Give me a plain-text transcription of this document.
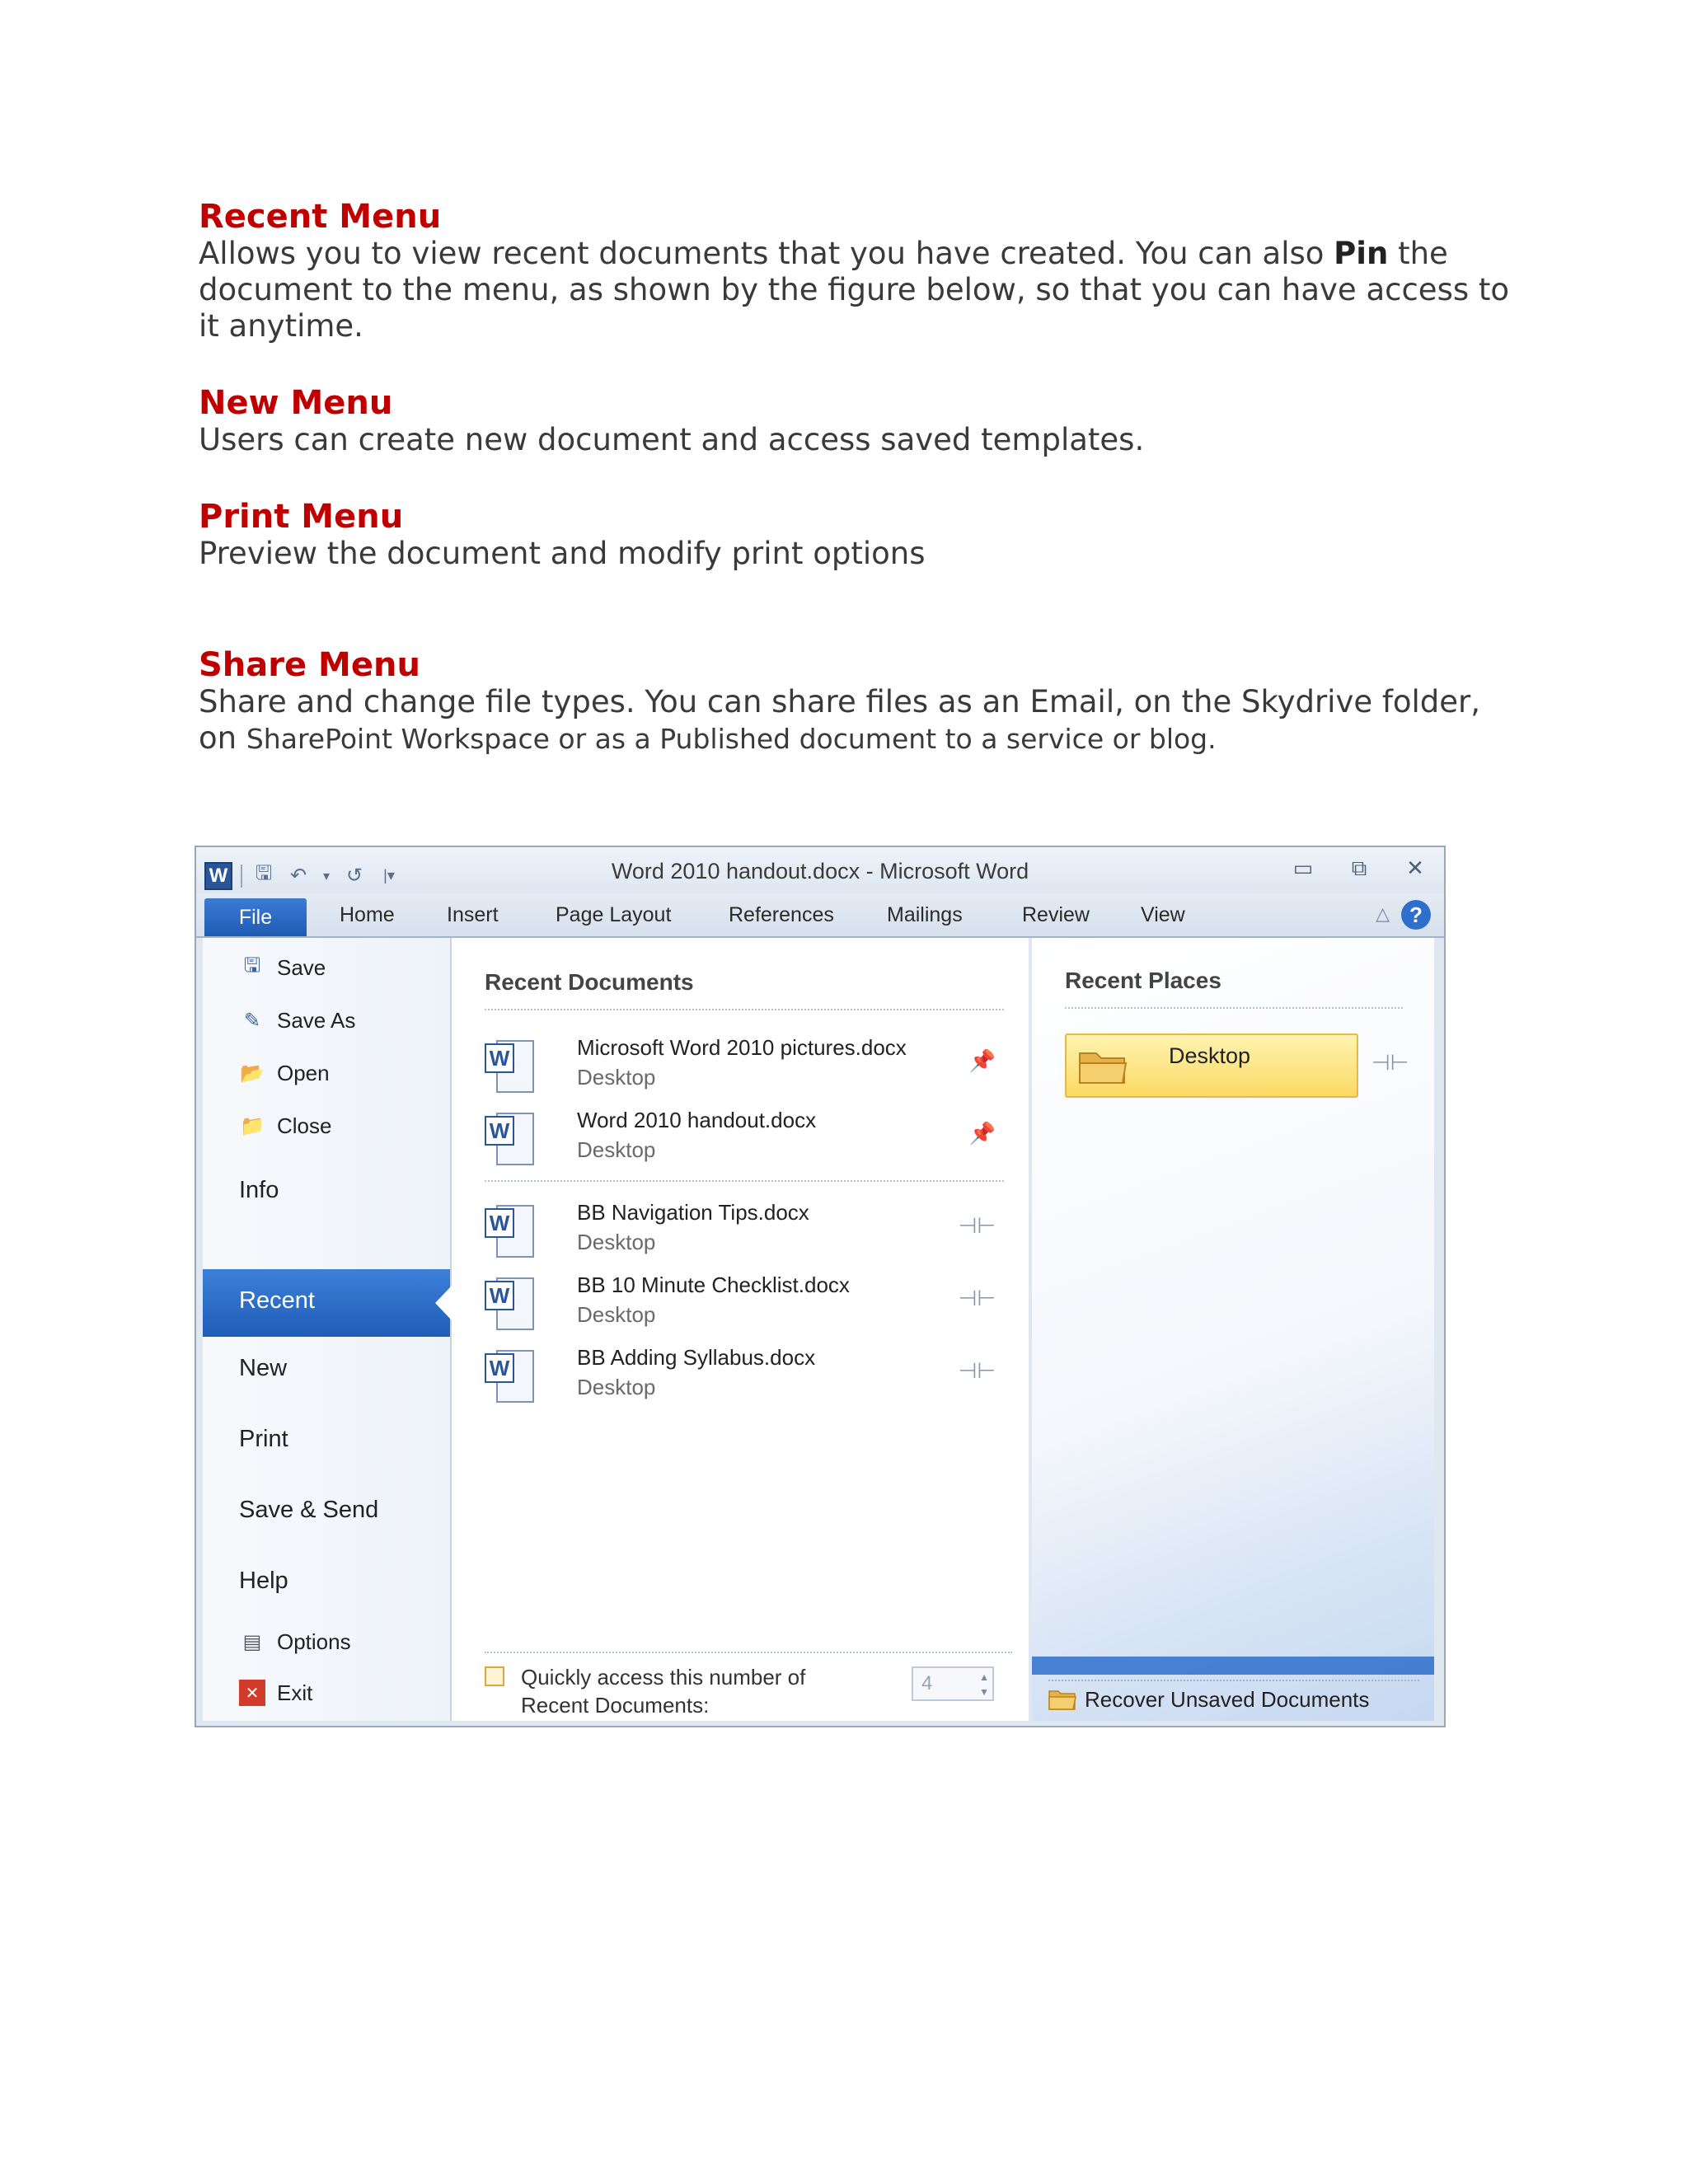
Recent Menu

Allows you to view recent documents that you have created. You can also Pin the
document to the menu, as shown by the figure below, so that you can have access to
it anytime.

New Menu

Users can create new document and access saved templates.

Print Menu

Preview the document and modify print options

Share Menu

Share and change file types. You can share files as an Email, on the Skydrive folder,
on SharePoint Workspace or as a Published document to a service or blog.

W 🖫 ↶	▾ ↺	|▾	Word 2010 handout.docx - Microsoft Word	▭ ⧉ ✕
File	Home	Insert	Page Layout	References	Mailings	Review View	△ ?
🖫 Save
✎ Save As
📂 Open
📁 Close
Info
Recent
New
Print
Save & Send
Help
▤ Options
✕ Exit
Recent Documents
W	Microsoft Word 2010 pictures.docx
Desktop
📌
W	Word 2010 handout.docx
Desktop
📌
W	BB Navigation Tips.docx
Desktop
⊣⊢
W	BB 10 Minute Checklist.docx
Desktop
⊣⊢
W	BB Adding Syllabus.docx
Desktop
⊣⊢
Quickly access this number of
Recent Documents:
4	▲
▼
Recent Places
Desktop	⊣⊢
Recover Unsaved Documents
